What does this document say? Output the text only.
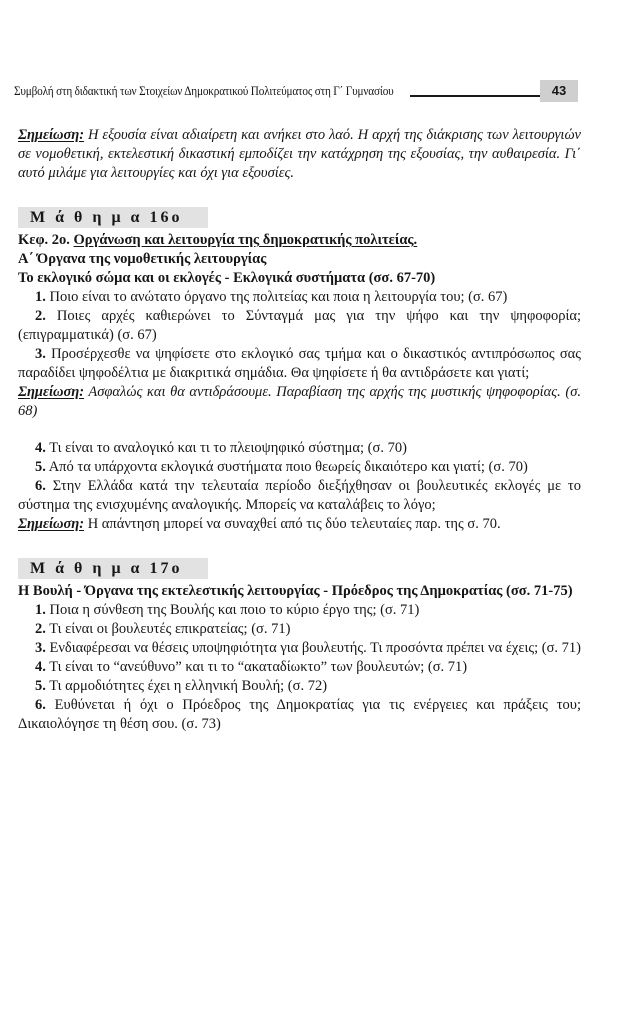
Συμβολή στη διδακτική των Στοιχείων Δημοκρατικού Πολιτεύματος στη Γ΄ Γυμνασίου	43

Σημείωση: Η εξουσία είναι αδιαίρετη και ανήκει στο λαό. Η αρχή της διάκρισης των λειτουργιών σε νομοθετική, εκτελεστική δικαστική εμποδίζει την κατάχρηση της εξουσίας, την αυθαιρεσία. Γι΄ αυτό μιλάμε για λειτουργίες και όχι για εξουσίες.

Μ ά θ η μ α 16ο

Κεφ. 2ο. Οργάνωση και λειτουργία της δημοκρατικής πολιτείας.

Α΄ Όργανα της νομοθετικής λειτουργίας

Το εκλογικό σώμα και οι εκλογές - Εκλογικά συστήματα (σσ. 67-70)

1. Ποιο είναι το ανώτατο όργανο της πολιτείας και ποια η λειτουργία του; (σ. 67)

2. Ποιες αρχές καθιερώνει το Σύνταγμά μας για την ψήφο και την ψηφοφορία; (επιγραμματικά) (σ. 67)

3. Προσέρχεσθε να ψηφίσετε στο εκλογικό σας τμήμα και ο δικαστικός αντιπρόσωπος σας παραδίδει ψηφοδέλτια με διακριτικά σημάδια. Θα ψηφίσετε ή θα αντιδράσετε και γιατί;

Σημείωση: Ασφαλώς και θα αντιδράσουμε. Παραβίαση της αρχής της μυστικής ψηφοφορίας. (σ. 68)

4. Τι είναι το αναλογικό και τι το πλειοψηφικό σύστημα; (σ. 70)

5. Από τα υπάρχοντα εκλογικά συστήματα ποιο θεωρείς δικαιότερο και γιατί; (σ. 70)

6. Στην Ελλάδα κατά την τελευταία περίοδο διεξήχθησαν οι βουλευτικές εκλογές με το σύστημα της ενισχυμένης αναλογικής. Μπορείς να καταλάβεις το λόγο;

Σημείωση: Η απάντηση μπορεί να συναχθεί από τις δύο τελευταίες παρ. της σ. 70.

Μ ά θ η μ α 17ο

Η Βουλή - Όργανα της εκτελεστικής λειτουργίας - Πρόεδρος της Δημοκρατίας (σσ. 71-75)

1. Ποια η σύνθεση της Βουλής και ποιο το κύριο έργο της; (σ. 71)

2. Τι είναι οι βουλευτές επικρατείας; (σ. 71)

3. Ενδιαφέρεσαι να θέσεις υποψηφιότητα για βουλευτής. Τι προσόντα πρέπει να έχεις; (σ. 71)

4. Τι είναι το “ανεύθυνο” και τι το “ακαταδίωκτο” των βουλευτών; (σ. 71)

5. Τι αρμοδιότητες έχει η ελληνική Βουλή; (σ. 72)

6. Ευθύνεται ή όχι ο Πρόεδρος της Δημοκρατίας για τις ενέργειες και πράξεις του; Δικαιολόγησε τη θέση σου. (σ. 73)
